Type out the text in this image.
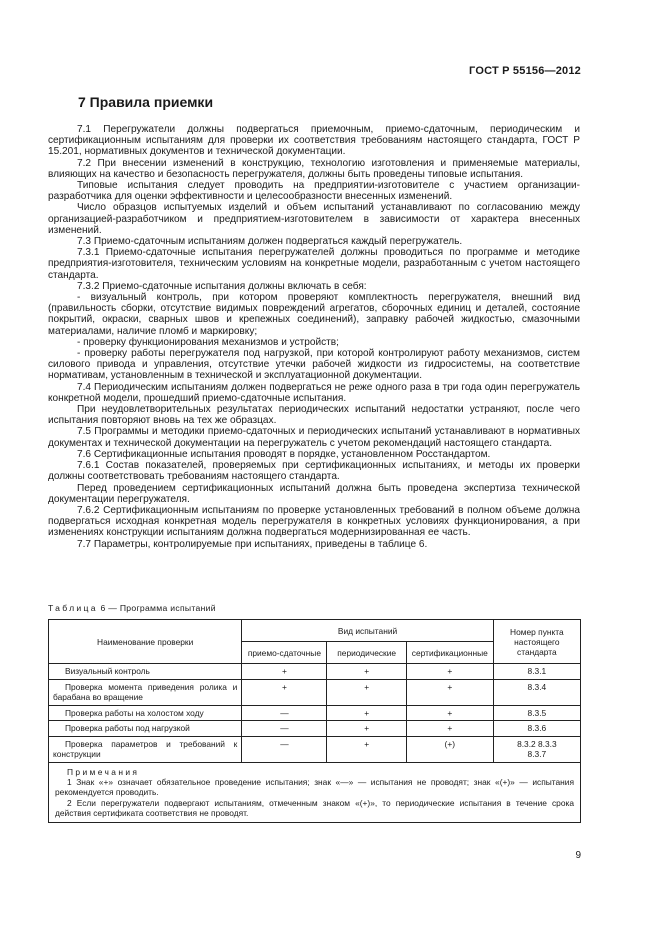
ГОСТ Р 55156—2012
7 Правила приемки

7.1 Перегружатели должны подвергаться приемочным, приемо-сдаточным, периодическим и сертификационным испытаниям для проверки их соответствия требованиям настоящего стандарта, ГОСТ Р 15.201, нормативных документов и технической документации.

7.2 При внесении изменений в конструкцию, технологию изготовления и применяемые материалы, влияющих на качество и безопасность перегружателя, должны быть проведены типовые испытания.

Типовые испытания следует проводить на предприятии-изготовителе с участием организации-разработчика для оценки эффективности и целесообразности внесенных изменений.

Число образцов испытуемых изделий и объем испытаний устанавливают по согласованию между организацией-разработчиком и предприятием-изготовителем в зависимости от характера внесенных изменений.

7.3 Приемо-сдаточным испытаниям должен подвергаться каждый перегружатель.

7.3.1 Приемо-сдаточные испытания перегружателей должны проводиться по программе и методике предприятия-изготовителя, техническим условиям на конкретные модели, разработанным с учетом настоящего стандарта.

7.3.2 Приемо-сдаточные испытания должны включать в себя:

- визуальный контроль, при котором проверяют комплектность перегружателя, внешний вид (правильность сборки, отсутствие видимых повреждений агрегатов, сборочных единиц и деталей, состояние покрытий, окраски, сварных швов и крепежных соединений), заправку рабочей жидкостью, смазочными материалами, наличие пломб и маркировку;

- проверку функционирования механизмов и устройств;

- проверку работы перегружателя под нагрузкой, при которой контролируют работу механизмов, систем силового привода и управления, отсутствие утечки рабочей жидкости из гидросистемы, на соответствие нормативам, установленным в технической и эксплуатационной документации.

7.4 Периодическим испытаниям должен подвергаться не реже одного раза в три года один перегружатель конкретной модели, прошедший приемо-сдаточные испытания.

При неудовлетворительных результатах периодических испытаний недостатки устраняют, после чего испытания повторяют вновь на тех же образцах.

7.5 Программы и методики приемо-сдаточных и периодических испытаний устанавливают в нормативных документах и технической документации на перегружатель с учетом рекомендаций настоящего стандарта.

7.6 Сертификационные испытания проводят в порядке, установленном Росстандартом.

7.6.1 Состав показателей, проверяемых при сертификационных испытаниях, и методы их проверки должны соответствовать требованиям настоящего стандарта.

Перед проведением сертификационных испытаний должна быть проведена экспертиза технической документации перегружателя.

7.6.2 Сертификационным испытаниям по проверке установленных требований в полном объеме должна подвергаться исходная конкретная модель перегружателя в конкретных условиях функционирования, а при изменениях конструкции испытаниям должна подвергаться модернизированная ее часть.

7.7 Параметры, контролируемые при испытаниях, приведены в таблице 6.

Таблица 6 — Программа испытаний
Наименование проверки	Вид испытаний			Номер пункта настоящего стандарта
	приемо-сдаточные	периодические	сертификационные	
Визуальный контроль	+	+	+	8.3.1
Проверка момента приведения ролика и барабана во вращение	+	+	+	8.3.4
Проверка работы на холостом ходу	—	+	+	8.3.5
Проверка работы под нагрузкой	—	+	+	8.3.6
Проверка параметров и требований к конструкции	—	+	(+)	8.3.2 8.3.3 8.3.7

Примечания

1 Знак «+» означает обязательное проведение испытания; знак «—» — испытания не проводят; знак «(+)» — испытания рекомендуется проводить.

2 Если перегружатели подвергают испытаниям, отмеченным знаком «(+)», то периодические испытания в течение срока действия сертификата соответствия не проводят.				

9
